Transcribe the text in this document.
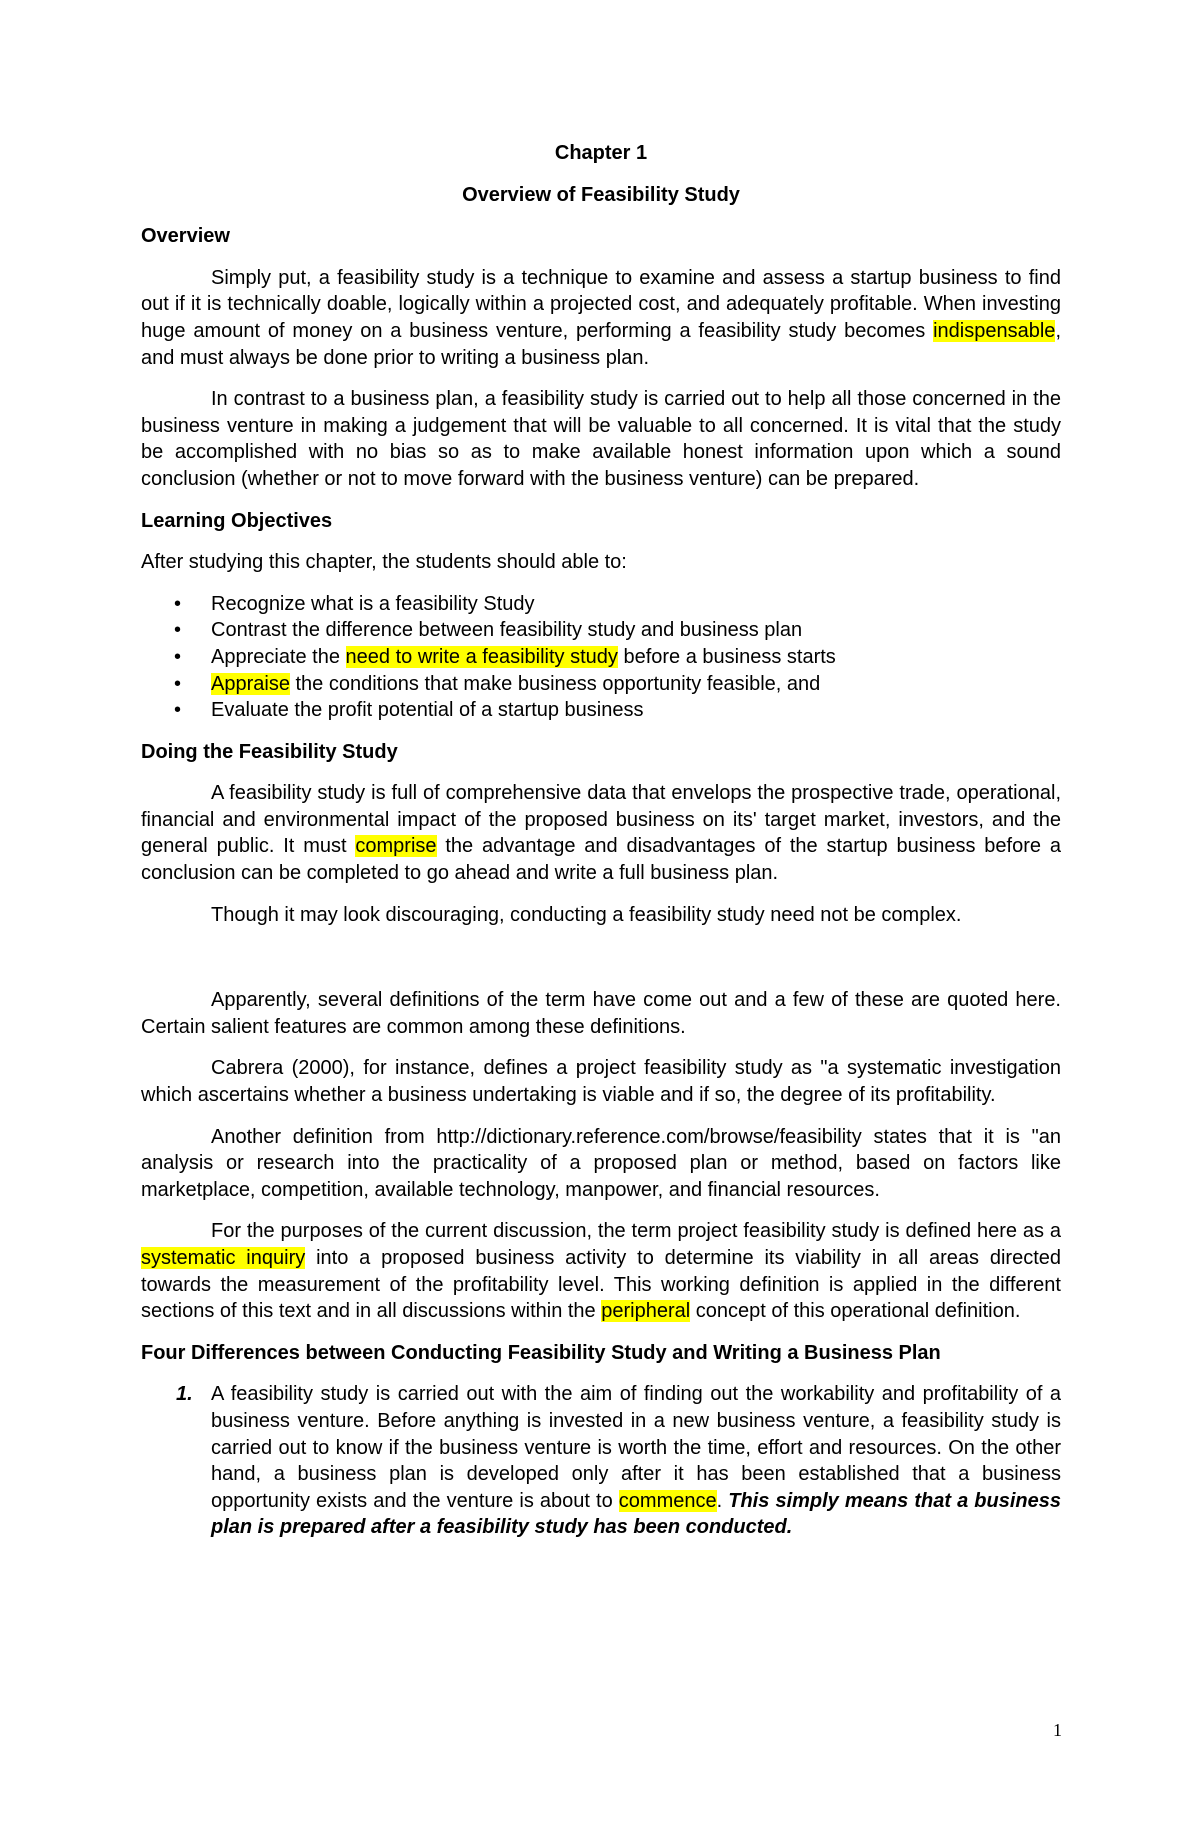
Chapter 1
Overview of Feasibility Study
Overview

Simply put, a feasibility study is a technique to examine and assess a startup business to find out if it is technically doable, logically within a projected cost, and adequately profitable. When investing huge amount of money on a business venture, performing a feasibility study becomes indispensable, and must always be done prior to writing a business plan.

In contrast to a business plan, a feasibility study is carried out to help all those concerned in the business venture in making a judgement that will be valuable to all concerned. It is vital that the study be accomplished with no bias so as to make available honest information upon which a sound conclusion (whether or not to move forward with the business venture) can be prepared.

Learning Objectives

After studying this chapter, the students should able to:

• Recognize what is a feasibility Study
• Contrast the difference between feasibility study and business plan
• Appreciate the need to write a feasibility study before a business starts
• Appraise the conditions that make business opportunity feasible, and
• Evaluate the profit potential of a startup business
Doing the Feasibility Study

A feasibility study is full of comprehensive data that envelops the prospective trade, operational, financial and environmental impact of the proposed business on its' target market, investors, and the general public. It must comprise the advantage and disadvantages of the startup business before a conclusion can be completed to go ahead and write a full business plan.

Though it may look discouraging, conducting a feasibility study need not be complex.

Apparently, several definitions of the term have come out and a few of these are quoted here. Certain salient features are common among these definitions.

Cabrera (2000), for instance, defines a project feasibility study as "a systematic investigation which ascertains whether a business undertaking is viable and if so, the degree of its profitability.

Another definition from http://dictionary.reference.com/browse/feasibility states that it is "an analysis or research into the practicality of a proposed plan or method, based on factors like marketplace, competition, available technology, manpower, and financial resources.

For the purposes of the current discussion, the term project feasibility study is defined here as a systematic inquiry into a proposed business activity to determine its viability in all areas directed towards the measurement of the profitability level. This working definition is applied in the different sections of this text and in all discussions within the peripheral concept of this operational definition.

Four Differences between Conducting Feasibility Study and Writing a Business Plan
1. A feasibility study is carried out with the aim of finding out the workability and profitability of a business venture. Before anything is invested in a new business venture, a feasibility study is carried out to know if the business venture is worth the time, effort and resources. On the other hand, a business plan is developed only after it has been established that a business opportunity exists and the venture is about to commence. This simply means that a business plan is prepared after a feasibility study has been conducted.
1
